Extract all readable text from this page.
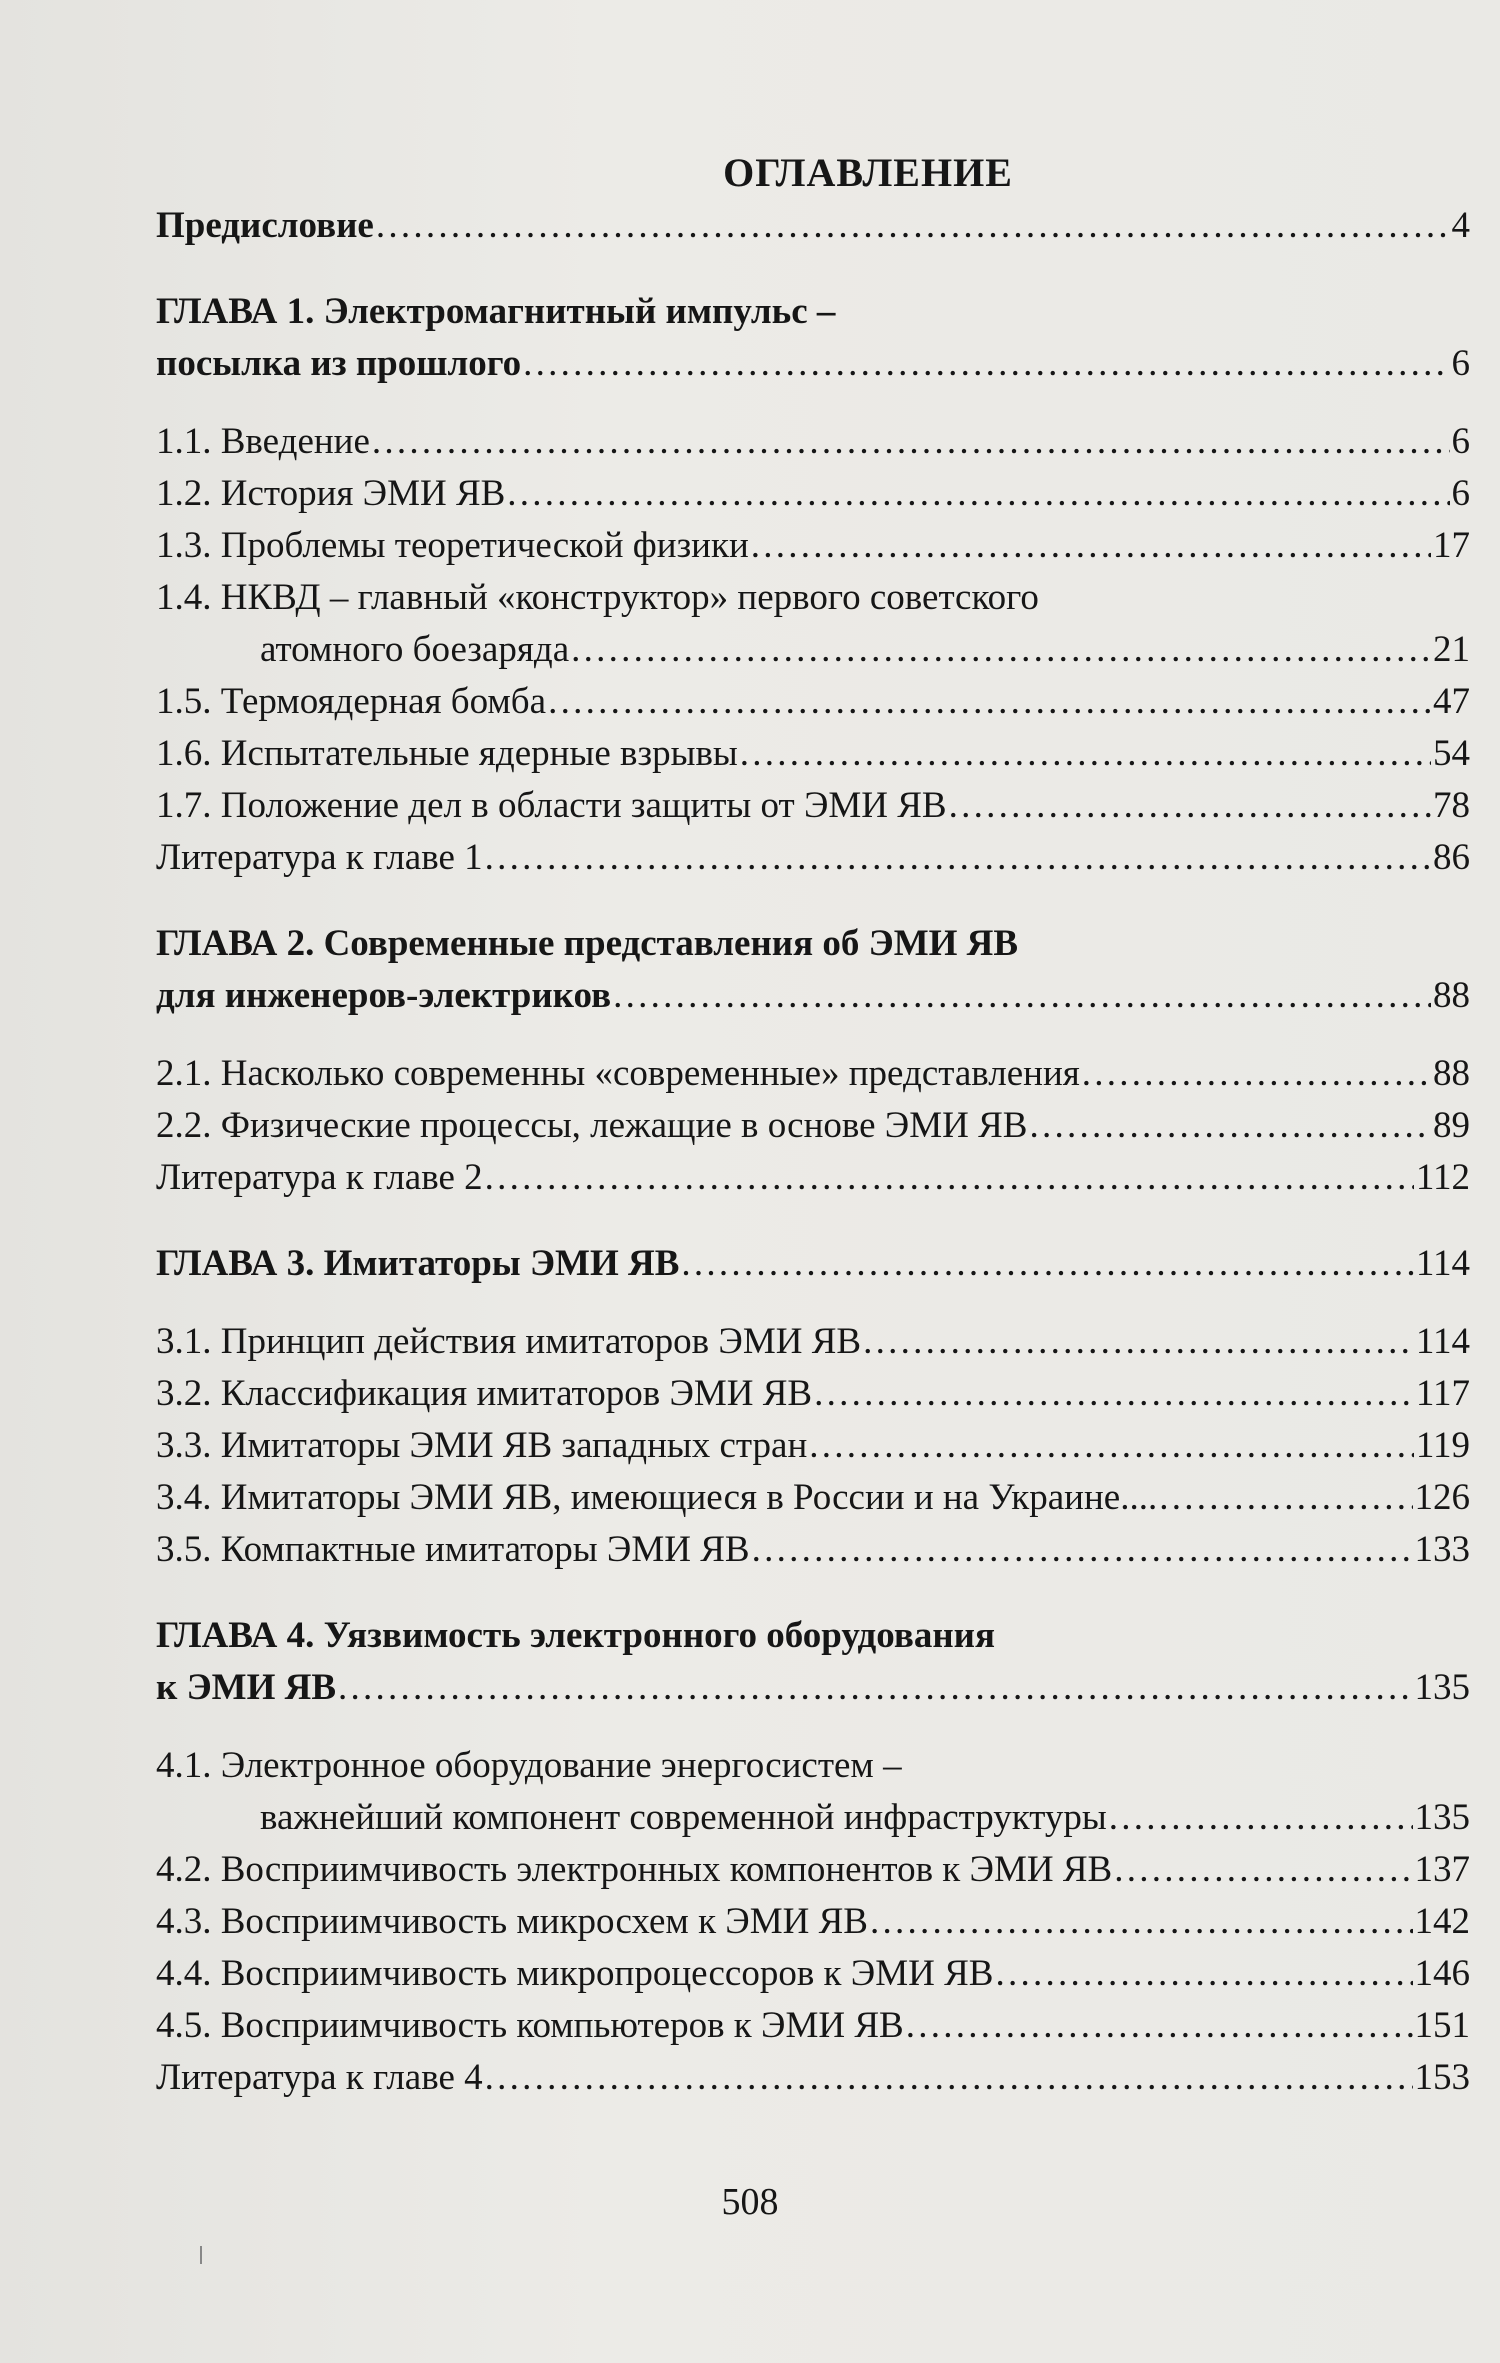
ОГЛАВЛЕНИЕ
Предисловие . . .	4
ГЛАВА 1. Электромагнитный импульс –
посылка из прошлого . . .	6
1.1. Введение . . .	6
1.2. История ЭМИ ЯВ . . .	6
1.3. Проблемы теоретической физики . . .	17
1.4. НКВД – главный «конструктор» первого советского
атомного боезаряда . . .	21
1.5. Термоядерная бомба . . .	47
1.6. Испытательные ядерные взрывы . . .	54
1.7. Положение дел в области защиты от ЭМИ ЯВ . . .	78
Литература к главе 1 . . .	86
ГЛАВА 2. Современные представления об ЭМИ ЯВ
для инженеров-электриков . . .	88
2.1. Насколько современны «современные» представления . . .	88
2.2. Физические процессы, лежащие в основе ЭМИ ЯВ . . .	89
Литература к главе 2 . . .	112
ГЛАВА 3. Имитаторы ЭМИ ЯВ . . .	114
3.1. Принцип действия имитаторов ЭМИ ЯВ . . .	114
3.2. Классификация имитаторов ЭМИ ЯВ . . .	117
3.3. Имитаторы ЭМИ ЯВ западных стран . . .	119
3.4. Имитаторы ЭМИ ЯВ, имеющиеся в России и на Украине.... . . .	126
3.5. Компактные имитаторы ЭМИ ЯВ . . .	133
ГЛАВА 4. Уязвимость электронного оборудования
к ЭМИ ЯВ . . .	135
4.1. Электронное оборудование энергосистем –
важнейший компонент современной инфраструктуры . . .	135
4.2. Восприимчивость электронных компонентов к ЭМИ ЯВ . . .	137
4.3. Восприимчивость микросхем к ЭМИ ЯВ . . .	142
4.4. Восприимчивость микропроцессоров к ЭМИ ЯВ . . .	146
4.5. Восприимчивость компьютеров к ЭМИ ЯВ . . .	151
Литература к главе 4 . . .	153
508
